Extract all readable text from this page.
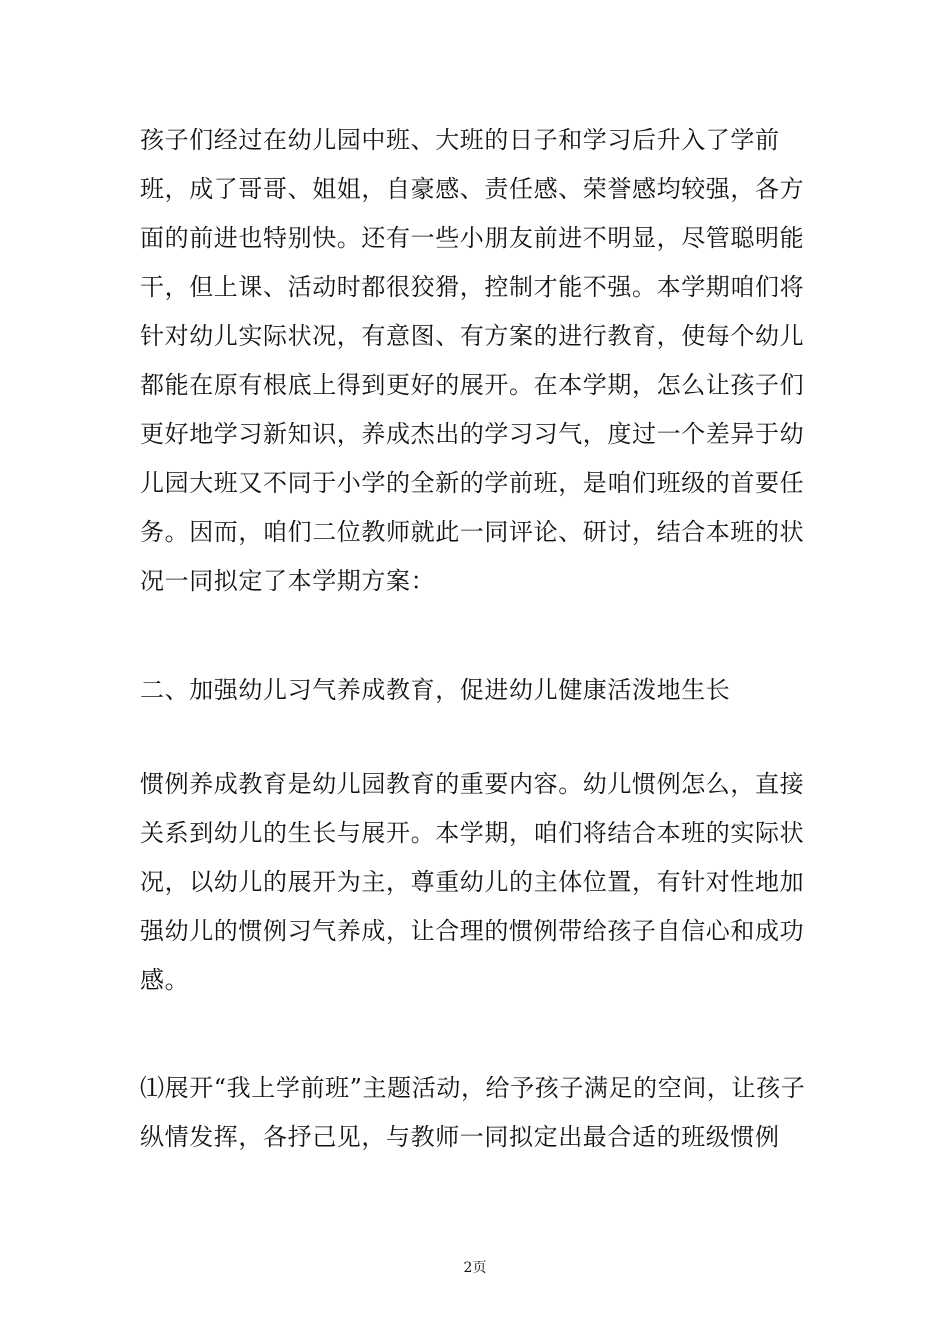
孩子们经过在幼儿园中班、大班的日子和学习后升入了学前班，成了哥哥、姐姐，自豪感、责任感、荣誉感均较强，各方面的前进也特别快。还有一些小朋友前进不明显，尽管聪明能干，但上课、活动时都很狡猾，控制才能不强。本学期咱们将针对幼儿实际状况，有意图、有方案的进行教育，使每个幼儿都能在原有根底上得到更好的展开。在本学期，怎么让孩子们更好地学习新知识，养成杰出的学习习气，度过一个差异于幼儿园大班又不同于小学的全新的学前班，是咱们班级的首要任务。因而，咱们二位教师就此一同评论、研讨，结合本班的状况一同拟定了本学期方案：

二、加强幼儿习气养成教育，促进幼儿健康活泼地生长

惯例养成教育是幼儿园教育的重要内容。幼儿惯例怎么，直接关系到幼儿的生长与展开。本学期，咱们将结合本班的实际状况，以幼儿的展开为主，尊重幼儿的主体位置，有针对性地加强幼儿的惯例习气养成，让合理的惯例带给孩子自信心和成功感。

⑴展开“我上学前班”主题活动，给予孩子满足的空间，让孩子纵情发挥，各抒己见，与教师一同拟定出最合适的班级惯例

2页
